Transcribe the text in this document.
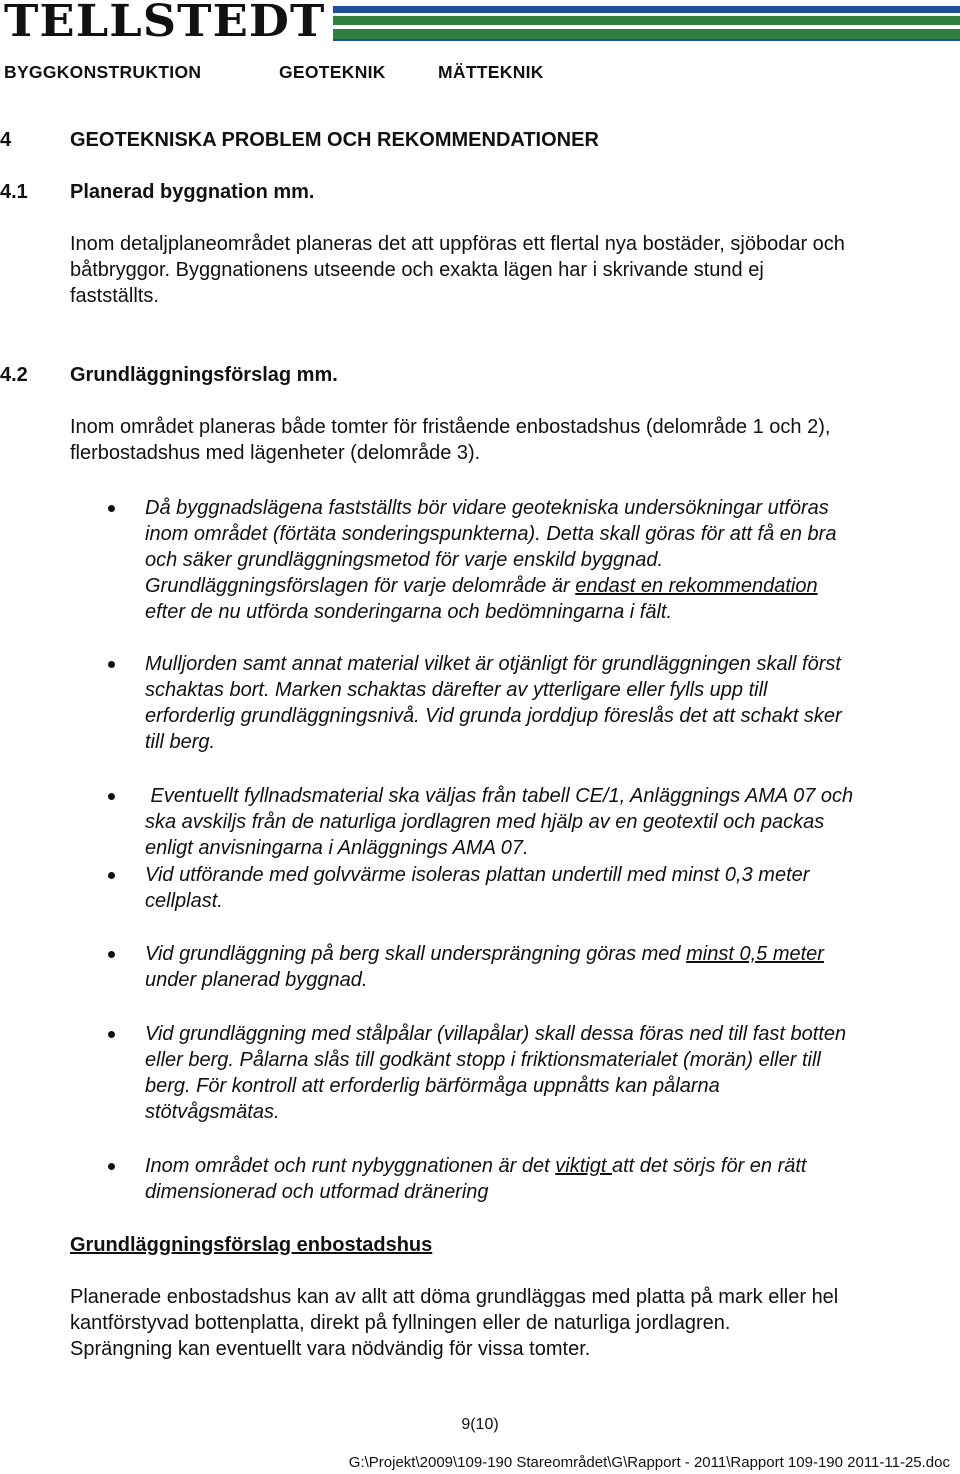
TELLSTEDT
BYGGKONSTRUKTION	GEOTEKNIK	MÄTTEKNIK
4	GEOTEKNISKA PROBLEM OCH REKOMMENDATIONER
4.1 Planerad byggnation mm.
Inom detaljplaneområdet planeras det att uppföras ett flertal nya bostäder, sjöbodar och
båtbryggor. Byggnationens utseende och exakta lägen har i skrivande stund ej
fastställts.
4.2 Grundläggningsförslag mm.
Inom området planeras både tomter för fristående enbostadshus (delområde 1 och 2),
flerbostadshus med lägenheter (delområde 3).
Då byggnadslägena fastställts bör vidare geotekniska undersökningar utföras
inom området (förtäta sonderingspunkterna). Detta skall göras för att få en bra
och säker grundläggningsmetod för varje enskild byggnad.
Grundläggningsförslagen för varje delområde är endast en rekommendation
efter de nu utförda sonderingarna och bedömningarna i fält.
Mulljorden samt annat material vilket är otjänligt för grundläggningen skall först
schaktas bort. Marken schaktas därefter av ytterligare eller fylls upp till
erforderlig grundläggningsnivå. Vid grunda jorddjup föreslås det att schakt sker
till berg.
Eventuellt fyllnadsmaterial ska väljas från tabell CE/1, Anläggnings AMA 07 och
ska avskiljs från de naturliga jordlagren med hjälp av en geotextil och packas
enligt anvisningarna i Anläggnings AMA 07.
Vid utförande med golvvärme isoleras plattan undertill med minst 0,3 meter
cellplast.
Vid grundläggning på berg skall undersprängning göras med minst 0,5 meter
under planerad byggnad.
Vid grundläggning med stålpålar (villapålar) skall dessa föras ned till fast botten
eller berg. Pålarna slås till godkänt stopp i friktionsmaterialet (morän) eller till
berg. För kontroll att erforderlig bärförmåga uppnåtts kan pålarna
stötvågsmätas.
Inom området och runt nybyggnationen är det viktigt att det sörjs för en rätt
dimensionerad och utformad dränering
Grundläggningsförslag enbostadshus
Planerade enbostadshus kan av allt att döma grundläggas med platta på mark eller hel
kantförstyvad bottenplatta, direkt på fyllningen eller de naturliga jordlagren.
Sprängning kan eventuellt vara nödvändig för vissa tomter.
9(10)
G:\Projekt\2009\109-190 Stareområdet\G\Rapport - 2011\Rapport 109-190 2011-11-25.doc
